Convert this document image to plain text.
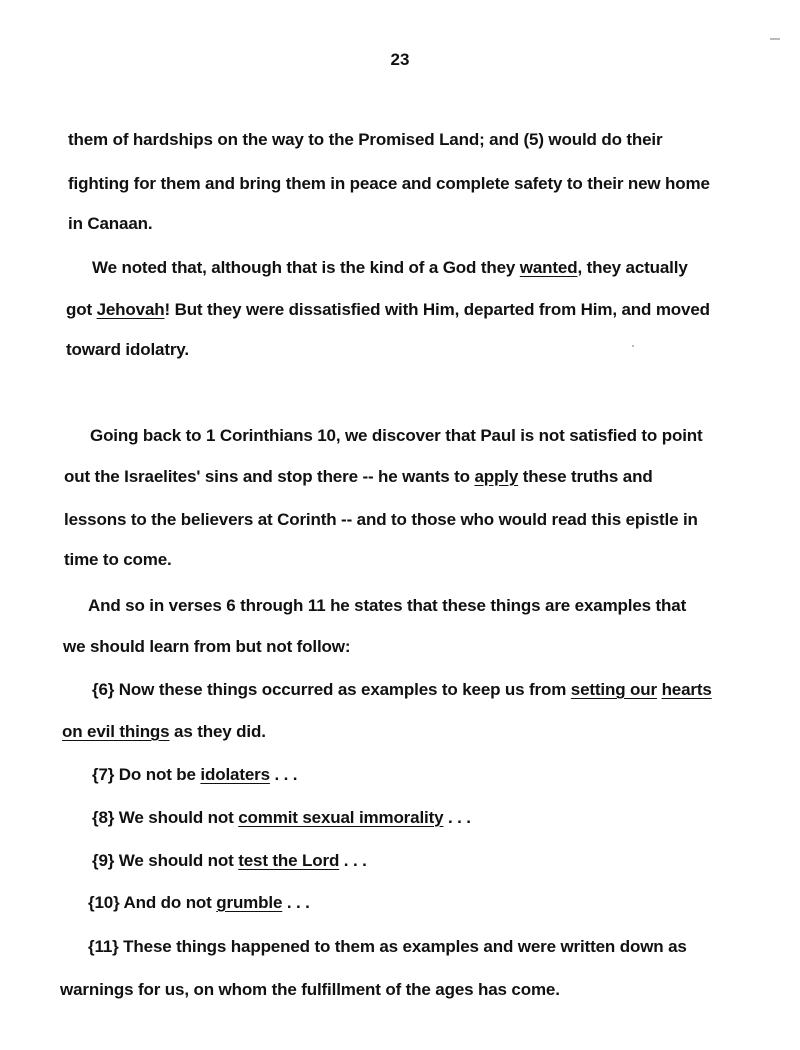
23
them of hardships on the way to the Promised Land; and (5) would do their
fighting for them and bring them in peace and complete safety to their new home
in Canaan.
We noted that, although that is the kind of a God they wanted, they actually
got Jehovah! But they were dissatisfied with Him, departed from Him, and moved
toward idolatry.
Going back to 1 Corinthians 10, we discover that Paul is not satisfied to point
out the Israelites' sins and stop there -- he wants to apply these truths and
lessons to the believers at Corinth -- and to those who would read this epistle in
time to come.
And so in verses 6 through 11 he states that these things are examples that
we should learn from but not follow:
{6} Now these things occurred as examples to keep us from setting our hearts
on evil things as they did.
{7} Do not be idolaters . . .
{8} We should not commit sexual immorality . . .
{9} We should not test the Lord . . .
{10} And do not grumble . . .
{11} These things happened to them as examples and were written down as
warnings for us, on whom the fulfillment of the ages has come.
